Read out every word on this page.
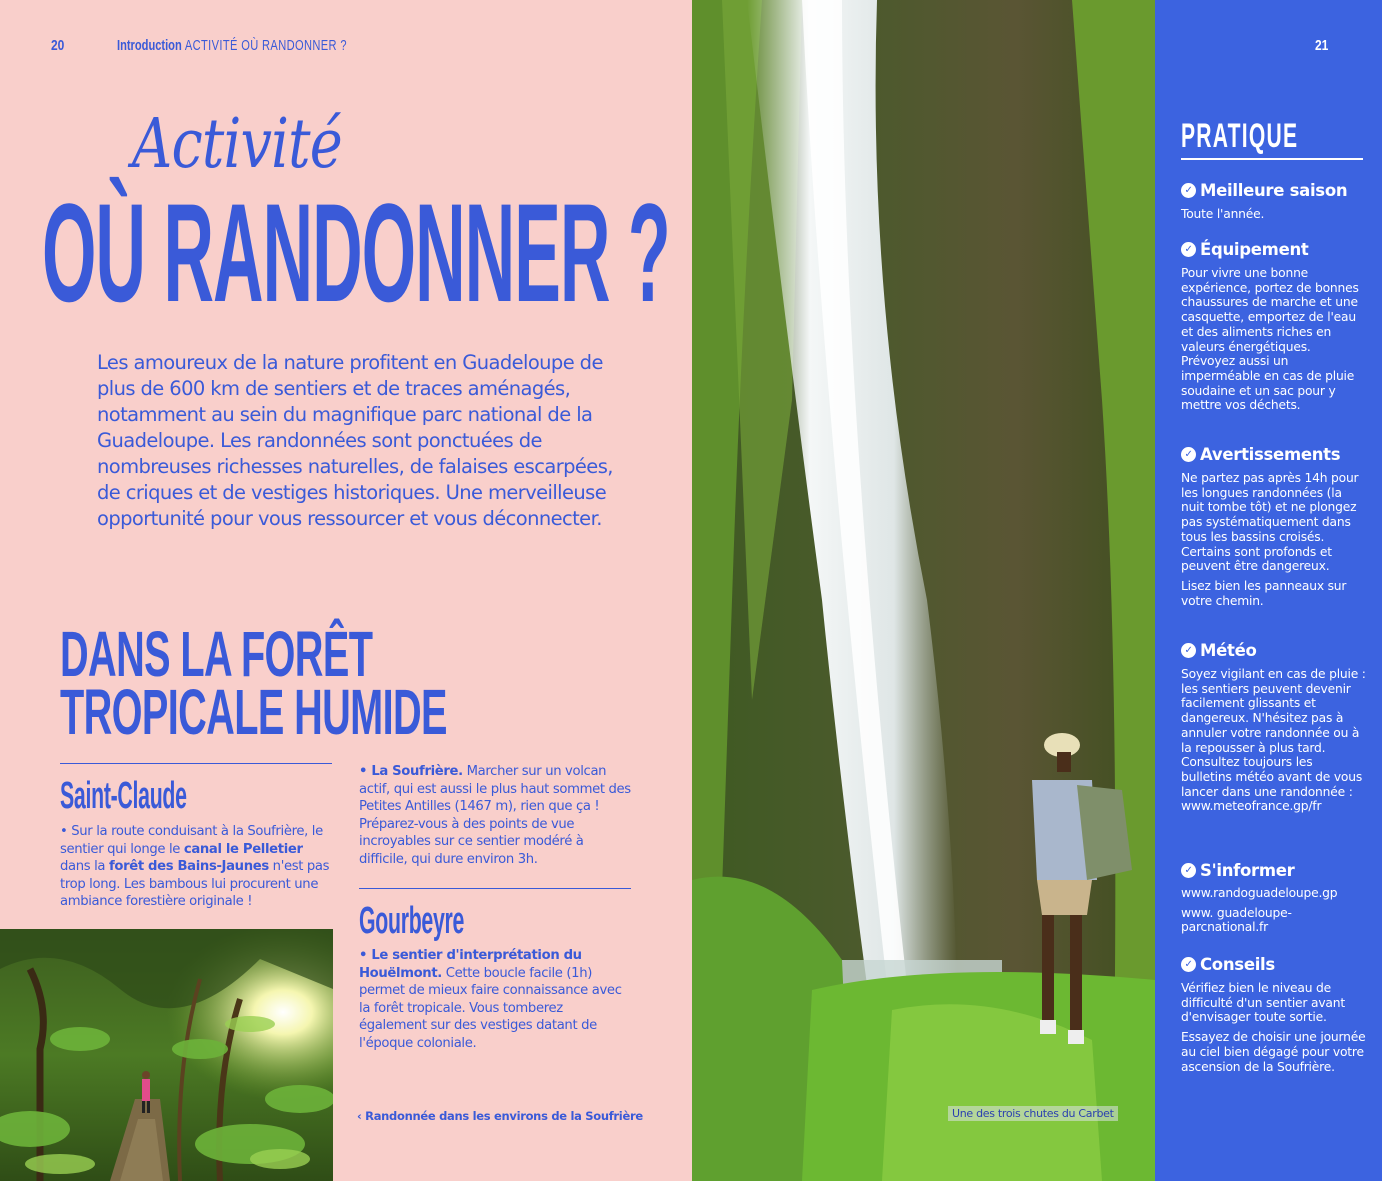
20	Introduction ACTIVITÉ OÙ RANDONNER ?
Activité
OÙ RANDONNER ?

Les amoureux de la nature profitent en Guadeloupe de plus de 600 km de sentiers et de traces aménagés, notamment au sein du magnifique parc national de la Guadeloupe. Les randonnées sont ponctuées de nombreuses richesses naturelles, de falaises escarpées, de criques et de vestiges historiques. Une merveilleuse opportunité pour vous ressourcer et vous déconnecter.

DANS LA FORÊT
TROPICALE HUMIDE
Saint-Claude
• Sur la route conduisant à la Soufrière, le sentier qui longe le canal le Pelletier dans la forêt des Bains-Jaunes n'est pas trop long. Les bambous lui procurent une ambiance forestière originale !
• La Soufrière. Marcher sur un volcan actif, qui est aussi le plus haut sommet des Petites Antilles (1467 m), rien que ça ! Préparez-vous à des points de vue incroyables sur ce sentier modéré à difficile, qui dure environ 3h.
Gourbeyre
• Le sentier d'interprétation du Houëlmont. Cette boucle facile (1h) permet de mieux faire connaissance avec la forêt tropicale. Vous tomberez également sur des vestiges datant de l'époque coloniale.
‹ Randonnée dans les environs de la Soufrière	Une des trois chutes du Carbet
21
PRATIQUE
✓ Meilleure saison

Toute l'année.

✓ Équipement

Pour vivre une bonne expérience, portez de bonnes chaussures de marche et une casquette, emportez de l'eau et des aliments riches en valeurs énergétiques. Prévoyez aussi un imperméable en cas de pluie soudaine et un sac pour y mettre vos déchets.

✓ Avertissements

Ne partez pas après 14h pour les longues randonnées (la nuit tombe tôt) et ne plongez pas systématiquement dans tous les bassins croisés. Certains sont profonds et peuvent être dangereux.

Lisez bien les panneaux sur votre chemin.

✓ Météo

Soyez vigilant en cas de pluie : les sentiers peuvent devenir facilement glissants et dangereux. N'hésitez pas à annuler votre randonnée ou à la repousser à plus tard. Consultez toujours les bulletins météo avant de vous lancer dans une randonnée : www.meteofrance.gp/fr

✓ S'informer

www.randoguadeloupe.gp

www. guadeloupe-parcnational.fr

✓ Conseils

Vérifiez bien le niveau de difficulté d'un sentier avant d'envisager toute sortie.

Essayez de choisir une journée au ciel bien dégagé pour votre ascension de la Soufrière.
